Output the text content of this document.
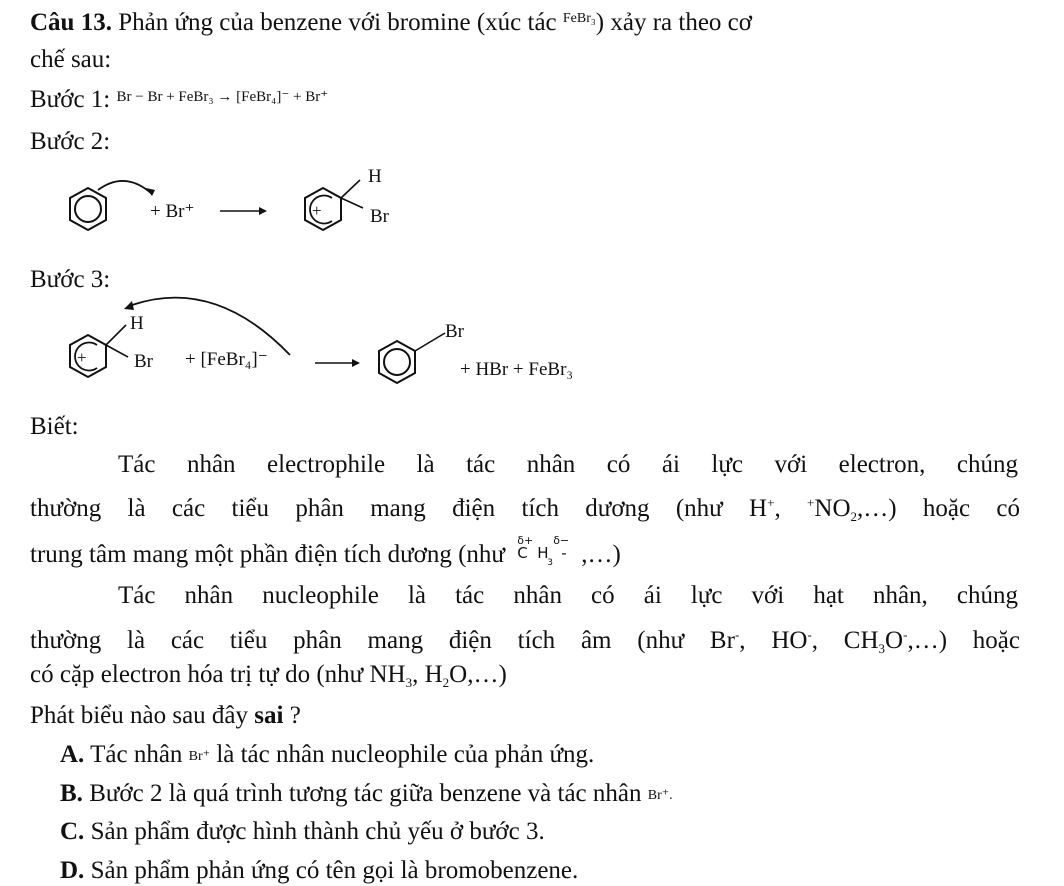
Câu 13. Phản ứng của benzene với bromine (xúc tác $^{FeBr_3}$) xảy ra theo cơ
chế sau:
Bước 1: $^{Br - Br + FeBr_3 \to [FeBr_4]^- + Br^+}$
Bước 2:
+ Br⁺	+
H
Br
Bước 3:
+
H
Br + [FeBr₄]⁻
Br
+ HBr + FeBr₃
Biết:
Tác nhân electrophile là tác nhân có ái lực với electron, chúng
thường là các tiểu phân mang điện tích dương (như H+, $^+NO_2,\dots$) hoặc có
trung tâm mang một phần điện tích dương (như
δ+ δ−
C H
3
- ,…)
Tác nhân nucleophile là tác nhân có ái lực với hạt nhân, chúng
thường là các tiểu phân mang điện tích âm (như Br-, HO-, $CH_3O^-,\dots$) hoặc
có cặp electron hóa trị tự do (như $NH_3$, $H_2O,\dots$)
Phát biểu nào sau đây sai ?
A. Tác nhân Br⁺ là tác nhân nucleophile của phản ứng.
B. Bước 2 là quá trình tương tác giữa benzene và tác nhân Br⁺.
C. Sản phẩm được hình thành chủ yếu ở bước 3.
D. Sản phẩm phản ứng có tên gọi là bromobenzene.
